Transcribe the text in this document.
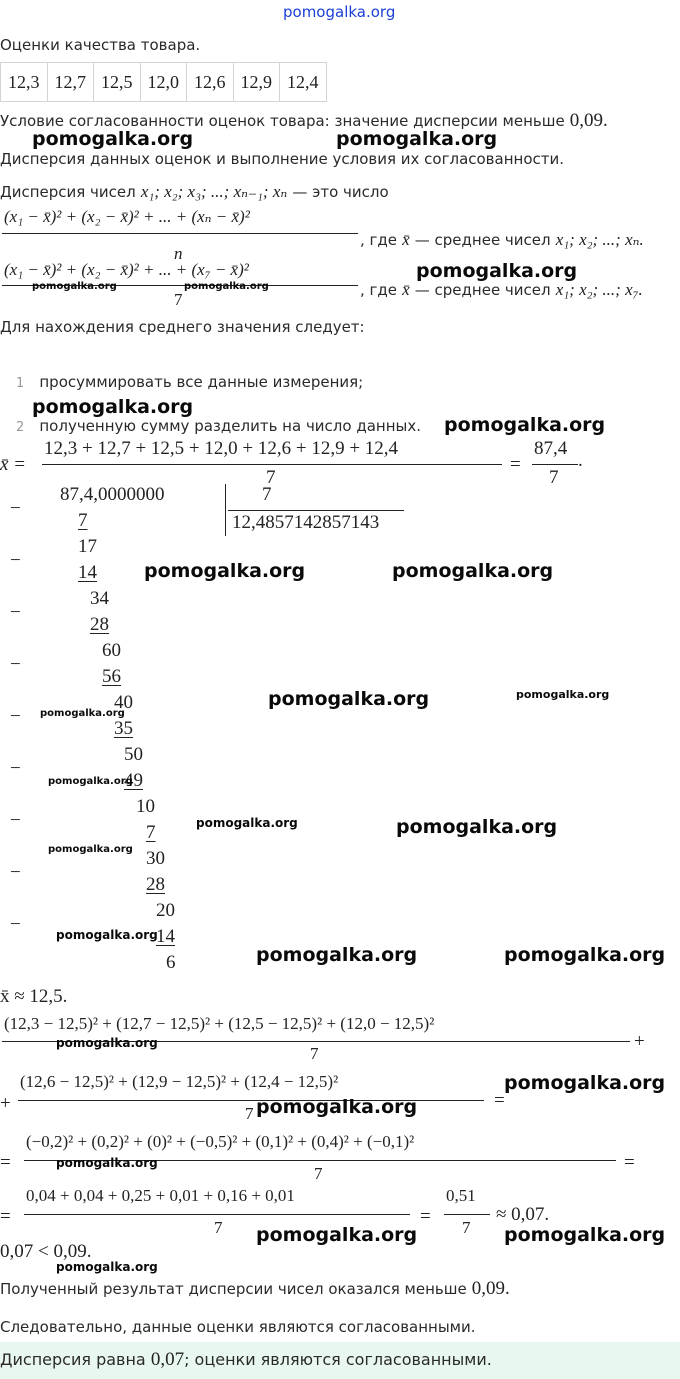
pomogalka.org
Оценки качества товара.
12,3	12,7	12,5	12,0	12,6	12,9	12,4
Условие согласованности оценок товара: значение дисперсии меньше 0,09.
pomogalka.org	pomogalka.org
Дисперсия данных оценок и выполнение условия их согласованности.
Дисперсия чисел x₁; x₂; x₃; ...; xₙ₋₁; xₙ — это число
(x₁ − x̄)² + (x₂ − x̄)² + ... + (xₙ − x̄)²
n
, где x̄ — среднее чисел x₁; x₂; ...; xₙ.
(x₁ − x̄)² + (x₂ − x̄)² + ... + (x₇ − x̄)²
7	, где x̄ — среднее чисел x₁; x₂; ...; x₇.
pomogalka.org	pomogalka.org
pomogalka.org
Для нахождения среднего значения следует:
1 просуммировать все данные измерения;
pomogalka.org
2 полученную сумму разделить на число данных. pomogalka.org
x̄ =
12,3 + 12,7 + 12,5 + 12,0 + 12,6 + 12,9 + 12,4
7
=
87,4
7
.
87,4,0000000	7
12,4857142857143
−
−
−
−
−
−
−
−
−
7
17
14
34
28
60
56
40
35
50
49
10
7
30
28
20
14
6
pomogalka.org	pomogalka.org
pomogalka.org	pomogalka.org
pomogalka.org
pomogalka.org
pomogalka.org	pomogalka.org
pomogalka.org
pomogalka.org
pomogalka.org	pomogalka.org
x̄ ≈ 12,5.
(12,3 − 12,5)² + (12,7 − 12,5)² + (12,5 − 12,5)² + (12,0 − 12,5)²
7
+
pomogalka.org
+
(12,6 − 12,5)² + (12,9 − 12,5)² + (12,4 − 12,5)²
7
=
pomogalka.org
pomogalka.org
=
(−0,2)² + (0,2)² + (0)² + (−0,5)² + (0,1)² + (0,4)² + (−0,1)²
7
=
pomogalka.org
=
0,04 + 0,04 + 0,25 + 0,01 + 0,16 + 0,01
7
=
0,51
7
≈ 0,07.
pomogalka.org	pomogalka.org
0,07 < 0,09.
pomogalka.org
Полученный результат дисперсии чисел оказался меньше 0,09.
Следовательно, данные оценки являются согласованными.
Дисперсия равна 0,07; оценки являются согласованными.
